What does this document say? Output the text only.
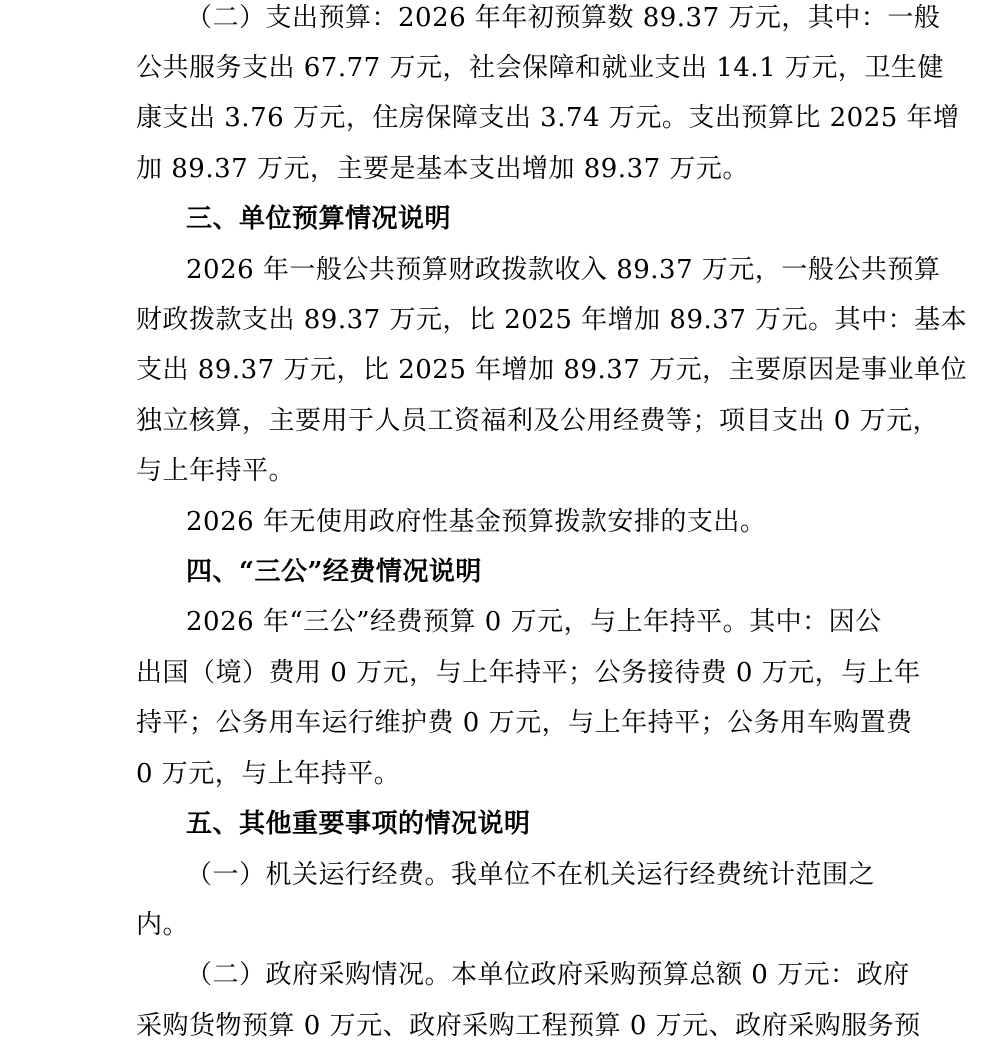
（二）支出预算：2026 年年初预算数 89.37 万元，其中：一般
公共服务支出 67.77 万元，社会保障和就业支出 14.1 万元，卫生健
康支出 3.76 万元，住房保障支出 3.74 万元。支出预算比 2025 年增
加 89.37 万元，主要是基本支出增加 89.37 万元。
三、单位预算情况说明
2026 年一般公共预算财政拨款收入 89.37 万元，一般公共预算
财政拨款支出 89.37 万元，比 2025 年增加 89.37 万元。其中：基本
支出 89.37 万元，比 2025 年增加 89.37 万元，主要原因是事业单位
独立核算，主要用于人员工资福利及公用经费等；项目支出 0 万元，
与上年持平。
2026 年无使用政府性基金预算拨款安排的支出。
四、“三公”经费情况说明
2026 年“三公”经费预算 0 万元，与上年持平。其中：因公
出国（境）费用 0 万元，与上年持平；公务接待费 0 万元，与上年
持平；公务用车运行维护费 0 万元，与上年持平；公务用车购置费
0 万元，与上年持平。
五、其他重要事项的情况说明
（一）机关运行经费。我单位不在机关运行经费统计范围之
内。
（二）政府采购情况。本单位政府采购预算总额 0 万元：政府
采购货物预算 0 万元、政府采购工程预算 0 万元、政府采购服务预
